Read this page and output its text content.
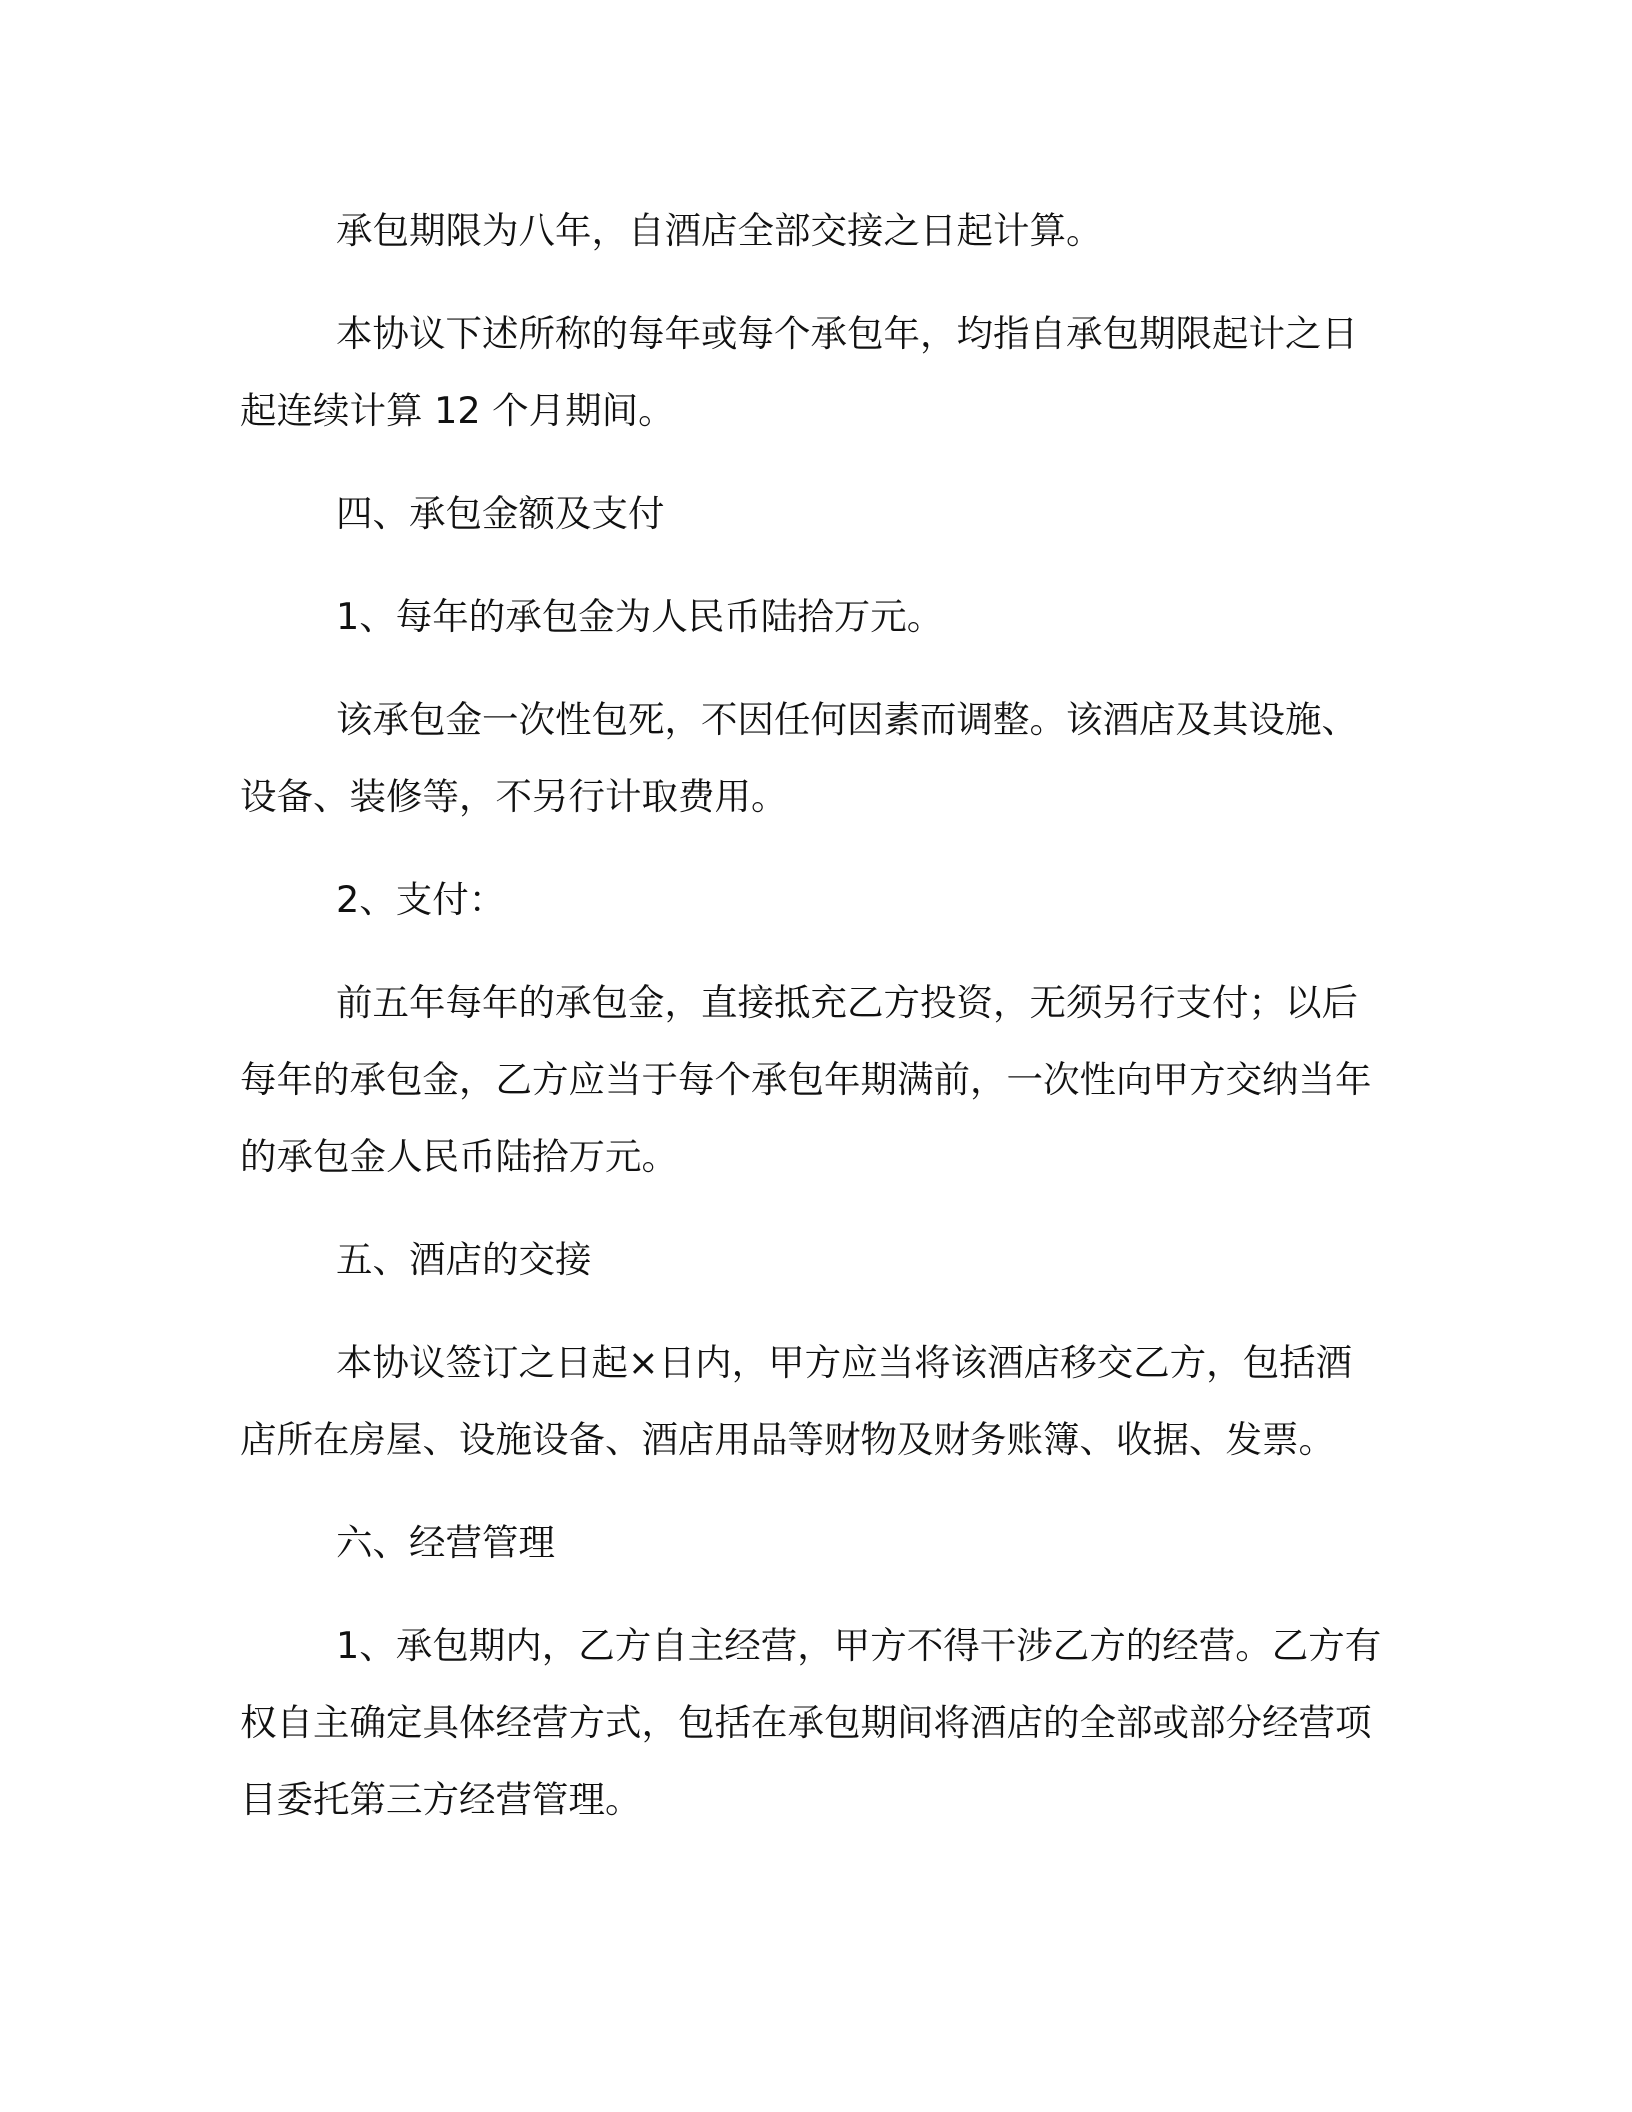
承包期限为八年，自酒店全部交接之日起计算。

本协议下述所称的每年或每个承包年，均指自承包期限起计之日起连续计算 12 个月期间。

四、承包金额及支付

1、每年的承包金为人民币陆拾万元。

该承包金一次性包死，不因任何因素而调整。该酒店及其设施、设备、装修等，不另行计取费用。

2、支付：

前五年每年的承包金，直接抵充乙方投资，无须另行支付；以后每年的承包金，乙方应当于每个承包年期满前，一次性向甲方交纳当年的承包金人民币陆拾万元。

五、酒店的交接

本协议签订之日起×日内，甲方应当将该酒店移交乙方，包括酒店所在房屋、设施设备、酒店用品等财物及财务账簿、收据、发票。

六、经营管理

1、承包期内，乙方自主经营，甲方不得干涉乙方的经营。乙方有权自主确定具体经营方式，包括在承包期间将酒店的全部或部分经营项目委托第三方经营管理。
